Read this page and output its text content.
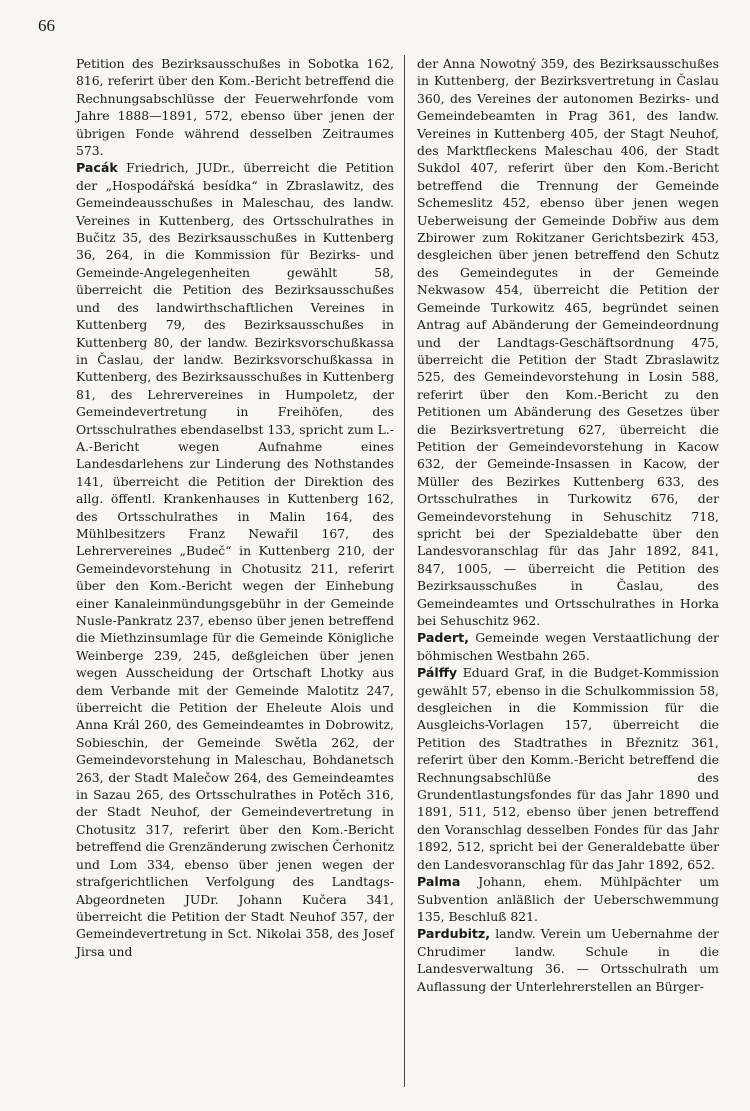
66

Petition des Bezirksausschußes in Sobotka 162, 816, referirt über den Kom.-Bericht betreffend die Rechnungsabschlüsse der Feuerwehrfonde vom Jahre 1888—1891, 572, ebenso über jenen der übrigen Fonde während desselben Zeitraumes 573.

Pacák Friedrich, JUDr., überreicht die Petition der „Hospodářská besídka“ in Zbraslawitz, des Gemeindeausschußes in Maleschau, des landw. Vereines in Kuttenberg, des Ortsschulrathes in Bučitz 35, des Bezirksausschußes in Kuttenberg 36, 264, in die Kommission für Bezirks- und Gemeinde-Angelegenheiten gewählt 58, überreicht die Petition des Bezirksausschußes und des landwirthschaftlichen Vereines in Kuttenberg 79, des Bezirksausschußes in Kuttenberg 80, der landw. Bezirksvorschußkassa in Časlau, der landw. Bezirksvorschußkassa in Kuttenberg, des Bezirksausschußes in Kuttenberg 81, des Lehrervereines in Humpoletz, der Gemeindevertretung in Freihöfen, des Ortsschulrathes ebendaselbst 133, spricht zum L.-A.-Bericht wegen Aufnahme eines Landesdarlehens zur Linderung des Nothstandes 141, überreicht die Petition der Direktion des allg. öffentl. Krankenhauses in Kuttenberg 162, des Ortsschulrathes in Malin 164, des Mühlbesitzers Franz Newařil 167, des Lehrervereines „Budeč“ in Kuttenberg 210, der Gemeindevorstehung in Chotusitz 211, referirt über den Kom.-Bericht wegen der Einhebung einer Kanaleinmündungsgebühr in der Gemeinde Nusle-Pankratz 237, ebenso über jenen betreffend die Miethzinsumlage für die Gemeinde Königliche Weinberge 239, 245, deßgleichen über jenen wegen Ausscheidung der Ortschaft Lhotky aus dem Verbande mit der Gemeinde Malotitz 247, überreicht die Petition der Eheleute Alois und Anna Král 260, des Gemeindeamtes in Dobrowitz, Sobieschin, der Gemeinde Swětla 262, der Gemeindevorstehung in Maleschau, Bohdanetsch 263, der Stadt Malečow 264, des Gemeindeamtes in Sazau 265, des Ortsschulrathes in Potěch 316, der Stadt Neuhof, der Gemeindevertretung in Chotusitz 317, referirt über den Kom.-Bericht betreffend die Grenzänderung zwischen Čerhonitz und Lom 334, ebenso über jenen wegen der strafgerichtlichen Verfolgung des Landtags-Abgeordneten JUDr. Johann Kučera 341, überreicht die Petition der Stadt Neuhof 357, der Gemeindevertretung in Sct. Nikolai 358, des Josef Jirsa und

der Anna Nowotný 359, des Bezirksausschußes in Kuttenberg, der Bezirksvertretung in Časlau 360, des Vereines der autonomen Bezirks- und Gemeindebeamten in Prag 361, des landw. Vereines in Kuttenberg 405, der Stagt Neuhof, des Marktfleckens Maleschau 406, der Stadt Sukdol 407, referirt über den Kom.-Bericht betreffend die Trennung der Gemeinde Schemeslitz 452, ebenso über jenen wegen Ueberweisung der Gemeinde Dobřiw aus dem Zbirower zum Rokitzaner Gerichtsbezirk 453, desgleichen über jenen betreffend den Schutz des Gemeindegutes in der Gemeinde Nekwasow 454, überreicht die Petition der Gemeinde Turkowitz 465, begründet seinen Antrag auf Abänderung der Gemeindeordnung und der Landtags-Geschäftsordnung 475, überreicht die Petition der Stadt Zbraslawitz 525, des Gemeindevorstehung in Losin 588, referirt über den Kom.-Bericht zu den Petitionen um Abänderung des Gesetzes über die Bezirksvertretung 627, überreicht die Petition der Gemeindevorstehung in Kacow 632, der Gemeinde-Insassen in Kacow, der Müller des Bezirkes Kuttenberg 633, des Ortsschulrathes in Turkowitz 676, der Gemeindevorstehung in Sehuschitz 718, spricht bei der Spezialdebatte über den Landesvoranschlag für das Jahr 1892, 841, 847, 1005, — überreicht die Petition des Bezirksausschußes in Časlau, des Gemeindeamtes und Ortsschulrathes in Horka bei Sehuschitz 962.

Padert, Gemeinde wegen Verstaatlichung der böhmischen Westbahn 265.

Pálffy Eduard Graf, in die Budget-Kommission gewählt 57, ebenso in die Schulkommission 58, desgleichen in die Kommission für die Ausgleichs-Vorlagen 157, überreicht die Petition des Stadtrathes in Březnitz 361, referirt über den Komm.-Bericht betreffend die Rechnungsabschlüße des Grundentlastungsfondes für das Jahr 1890 und 1891, 511, 512, ebenso über jenen betreffend den Voranschlag desselben Fondes für das Jahr 1892, 512, spricht bei der Generaldebatte über den Landesvoranschlag für das Jahr 1892, 652.

Palma Johann, ehem. Mühlpächter um Subvention anläßlich der Ueberschwemmung 135, Beschluß 821.

Pardubitz, landw. Verein um Uebernahme der Chrudimer landw. Schule in die Landesverwaltung 36. — Ortsschulrath um Auflassung der Unterlehrerstellen an Bürger-
